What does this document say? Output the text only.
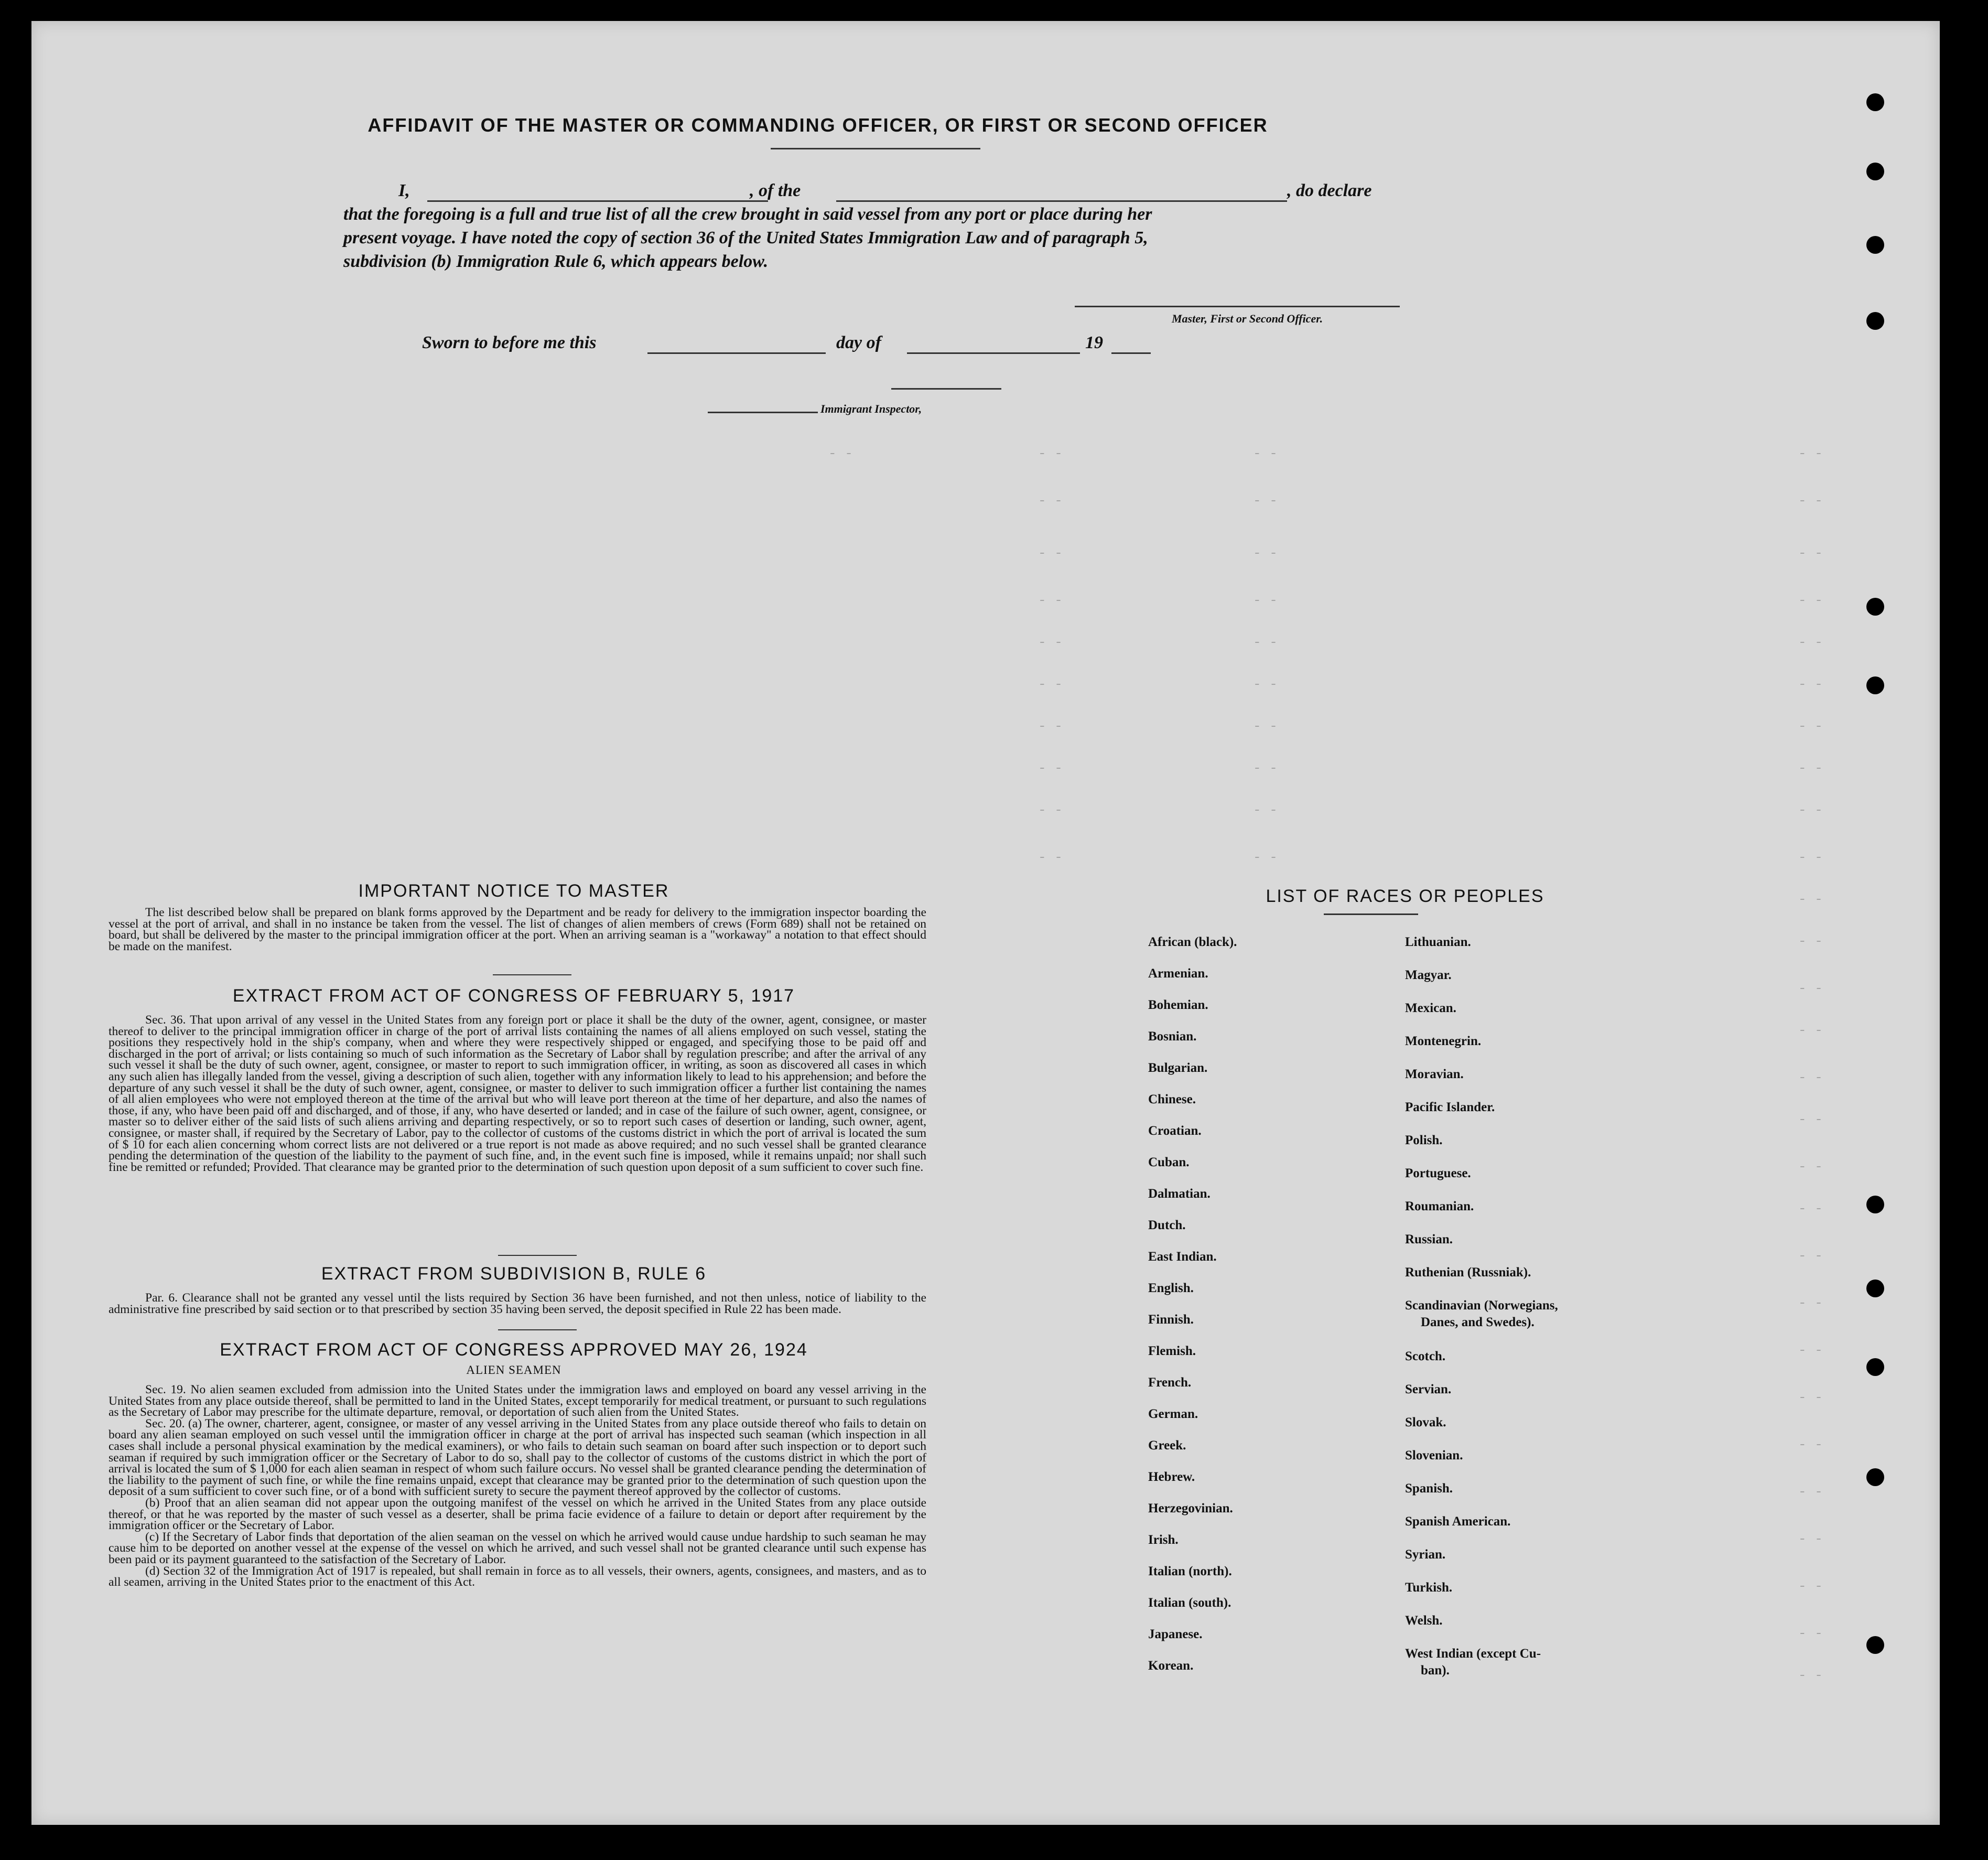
- -	- -	- -	- -
- -	- -	- -
- -	- -	- -
- -	- -	- -
- -	- -	- -
- -	- -	- -
- -	- -	- -
- -	- -	- -
- -	- -	- -
- -	- -	- -
- -
- -
- -
- -
- -
- -
- -
- -
- -
- -
- -
- -
- -
- -
- -
- -
- -
- -
AFFIDAVIT OF THE MASTER OR COMMANDING OFFICER, OR FIRST OR SECOND OFFICER
I,	, of the	, do declare
that the foregoing is a full and true list of all the crew brought in said vessel from any port or place during her
present voyage. I have noted the copy of section 36 of the United States Immigration Law and of paragraph 5,
subdivision (b) Immigration Rule 6, which appears below.
Master, First or Second Officer.
Sworn to before me this	day of	19
Immigrant Inspector,
IMPORTANT NOTICE TO MASTER
The list described below shall be prepared on blank forms approved by the Department and be ready for delivery to the immigration inspector boarding the vessel at the port of arrival, and shall in no instance be taken from the vessel. The list of changes of alien members of crews (Form 689) shall not be retained on board, but shall be delivered by the master to the principal immigration officer at the port. When an arriving seaman is a "workaway" a notation to that effect should be made on the manifest.
EXTRACT FROM ACT OF CONGRESS OF FEBRUARY 5, 1917
Sec. 36. That upon arrival of any vessel in the United States from any foreign port or place it shall be the duty of the owner, agent, consignee, or master thereof to deliver to the principal immigration officer in charge of the port of arrival lists containing the names of all aliens employed on such vessel, stating the positions they respectively hold in the ship's company, when and where they were respectively shipped or engaged, and specifying those to be paid off and discharged in the port of arrival; or lists containing so much of such information as the Secretary of Labor shall by regulation prescribe; and after the arrival of any such vessel it shall be the duty of such owner, agent, consignee, or master to report to such immigration officer, in writing, as soon as discovered all cases in which any such alien has illegally landed from the vessel, giving a description of such alien, together with any information likely to lead to his apprehension; and before the departure of any such vessel it shall be the duty of such owner, agent, consignee, or master to deliver to such immigration officer a further list containing the names of all alien employees who were not employed thereon at the time of the arrival but who will leave port thereon at the time of her departure, and also the names of those, if any, who have been paid off and discharged, and of those, if any, who have deserted or landed; and in case of the failure of such owner, agent, consignee, or master so to deliver either of the said lists of such aliens arriving and departing respectively, or so to report such cases of desertion or landing, such owner, agent, consignee, or master shall, if required by the Secretary of Labor, pay to the collector of customs of the customs district in which the port of arrival is located the sum of $ 10 for each alien concerning whom correct lists are not delivered or a true report is not made as above required; and no such vessel shall be granted clearance pending the determination of the question of the liability to the payment of such fine, and, in the event such fine is imposed, while it remains unpaid; nor shall such fine be remitted or refunded; Provided. That clearance may be granted prior to the determination of such question upon deposit of a sum sufficient to cover such fine.
EXTRACT FROM SUBDIVISION B, RULE 6
Par. 6. Clearance shall not be granted any vessel until the lists required by Section 36 have been furnished, and not then unless, notice of liability to the administrative fine prescribed by said section or to that prescribed by section 35 having been served, the deposit specified in Rule 22 has been made.
EXTRACT FROM ACT OF CONGRESS APPROVED MAY 26, 1924
ALIEN SEAMEN
Sec. 19. No alien seamen excluded from admission into the United States under the immigration laws and employed on board any vessel arriving in the United States from any place outside thereof, shall be permitted to land in the United States, except temporarily for medical treatment, or pursuant to such regulations as the Secretary of Labor may prescribe for the ultimate departure, removal, or deportation of such alien from the United States.
Sec. 20. (a) The owner, charterer, agent, consignee, or master of any vessel arriving in the United States from any place outside thereof who fails to detain on board any alien seaman employed on such vessel until the immigration officer in charge at the port of arrival has inspected such seaman (which inspection in all cases shall include a personal physical examination by the medical examiners), or who fails to detain such seaman on board after such inspection or to deport such seaman if required by such immigration officer or the Secretary of Labor to do so, shall pay to the collector of customs of the customs district in which the port of arrival is located the sum of $ 1,000 for each alien seaman in respect of whom such failure occurs. No vessel shall be granted clearance pending the determination of the liability to the payment of such fine, or while the fine remains unpaid, except that clearance may be granted prior to the determination of such question upon the deposit of a sum sufficient to cover such fine, or of a bond with sufficient surety to secure the payment thereof approved by the collector of customs.
(b) Proof that an alien seaman did not appear upon the outgoing manifest of the vessel on which he arrived in the United States from any place outside thereof, or that he was reported by the master of such vessel as a deserter, shall be prima facie evidence of a failure to detain or deport after requirement by the immigration officer or the Secretary of Labor.
(c) If the Secretary of Labor finds that deportation of the alien seaman on the vessel on which he arrived would cause undue hardship to such seaman he may cause him to be deported on another vessel at the expense of the vessel on which he arrived, and such vessel shall not be granted clearance until such expense has been paid or its payment guaranteed to the satisfaction of the Secretary of Labor.
(d) Section 32 of the Immigration Act of 1917 is repealed, but shall remain in force as to all vessels, their owners, agents, consignees, and masters, and as to all seamen, arriving in the United States prior to the enactment of this Act.
LIST OF RACES OR PEOPLES
African (black).
Armenian.
Bohemian.
Bosnian.
Bulgarian.
Chinese.
Croatian.
Cuban.
Dalmatian.
Dutch.
East Indian.
English.
Finnish.
Flemish.
French.
German.
Greek.
Hebrew.
Herzegovinian.
Irish.
Italian (north).
Italian (south).
Japanese.
Korean.
Lithuanian.
Magyar.
Mexican.
Montenegrin.
Moravian.
Pacific Islander.
Polish.
Portuguese.
Roumanian.
Russian.
Ruthenian (Russniak).
Scandinavian (Norwegians,
Danes, and Swedes).
Scotch.
Servian.
Slovak.
Slovenian.
Spanish.
Spanish American.
Syrian.
Turkish.
Welsh.
West Indian (except Cu-
ban).
